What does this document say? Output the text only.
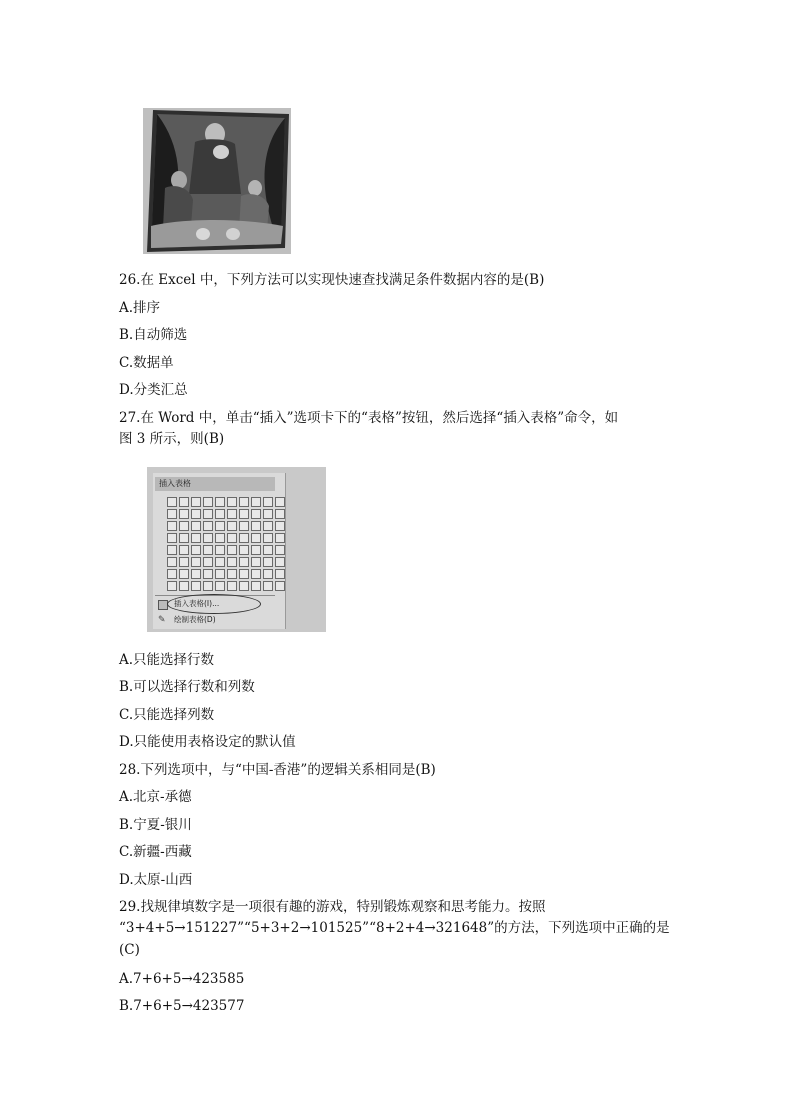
26.在 Excel 中，下列方法可以实现快速查找满足条件数据内容的是(B)
A.排序
B.自动筛选
C.数据单
D.分类汇总
27.在 Word 中，单击“插入”选项卡下的“表格”按钮，然后选择“插入表格”命令，如
图 3 所示，则(B)
插入表格
插入表格(I)...
✎ 绘制表格(D)
A.只能选择行数
B.可以选择行数和列数
C.只能选择列数
D.只能使用表格设定的默认值
28.下列选项中，与“中国-香港”的逻辑关系相同是(B)
A.北京-承德
B.宁夏-银川
C.新疆-西藏
D.太原-山西
29.找规律填数字是一项很有趣的游戏，特别锻炼观察和思考能力。按照
“3+4+5→151227”“5+3+2→101525”“8+2+4→321648”的方法，下列选项中正确的是
(C)
A.7+6+5→423585
B.7+6+5→423577
